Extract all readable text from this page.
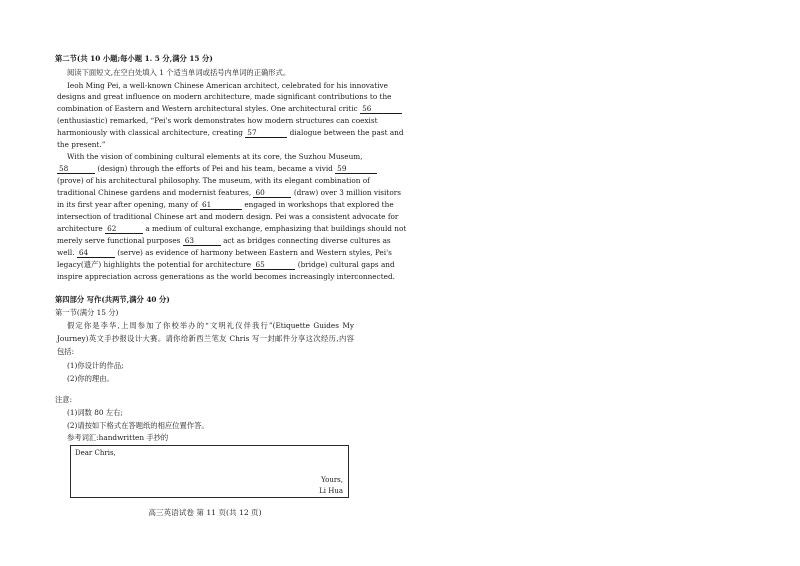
第二节(共 10 小题;每小题 1. 5 分,满分 15 分)
阅读下面短文,在空白处填入 1 个适当单词或括号内单词的正确形式。
Ieoh Ming Pei, a well-known Chinese American architect, celebrated for his innovative
designs and great influence on modern architecture, made significant contributions to the
combination of Eastern and Western architectural styles. One architectural critic 56
(enthusiastic) remarked, “Pei's work demonstrates how modern structures can coexist
harmoniously with classical architecture, creating 57	dialogue between the past and
the present.”
With the vision of combining cultural elements at its core, the Suzhou Museum,
58	(design) through the efforts of Pei and his team, became a vivid 59
(prove) of his architectural philosophy. The museum, with its elegant combination of
traditional Chinese gardens and modernist features, 60	(draw) over 3 million visitors
in its first year after opening, many of 61	engaged in workshops that explored the
intersection of traditional Chinese art and modern design. Pei was a consistent advocate for
architecture 62	a medium of cultural exchange, emphasizing that buildings should not
merely serve functional purposes 63	act as bridges connecting diverse cultures as
well. 64	(serve) as evidence of harmony between Eastern and Western styles, Pei's
legacy(遗产) highlights the potential for architecture 65	(bridge) cultural gaps and
inspire appreciation across generations as the world becomes increasingly interconnected.
第四部分 写作(共两节,满分 40 分)
第一节(满分 15 分)
假定你是李华,上周参加了你校举办的“文明礼仪伴我行”(Etiquette Guides My
Journey)英文手抄报设计大赛。请你给新西兰笔友 Chris 写一封邮件分享这次经历,内容
包括:
(1)你设计的作品;
(2)你的理由。
注意:
(1)词数 80 左右;
(2)请按如下格式在答题纸的相应位置作答。
参考词汇:handwritten 手抄的
Dear Chris,
Yours,
Li Hua
高三英语试卷 第 11 页(共 12 页)
